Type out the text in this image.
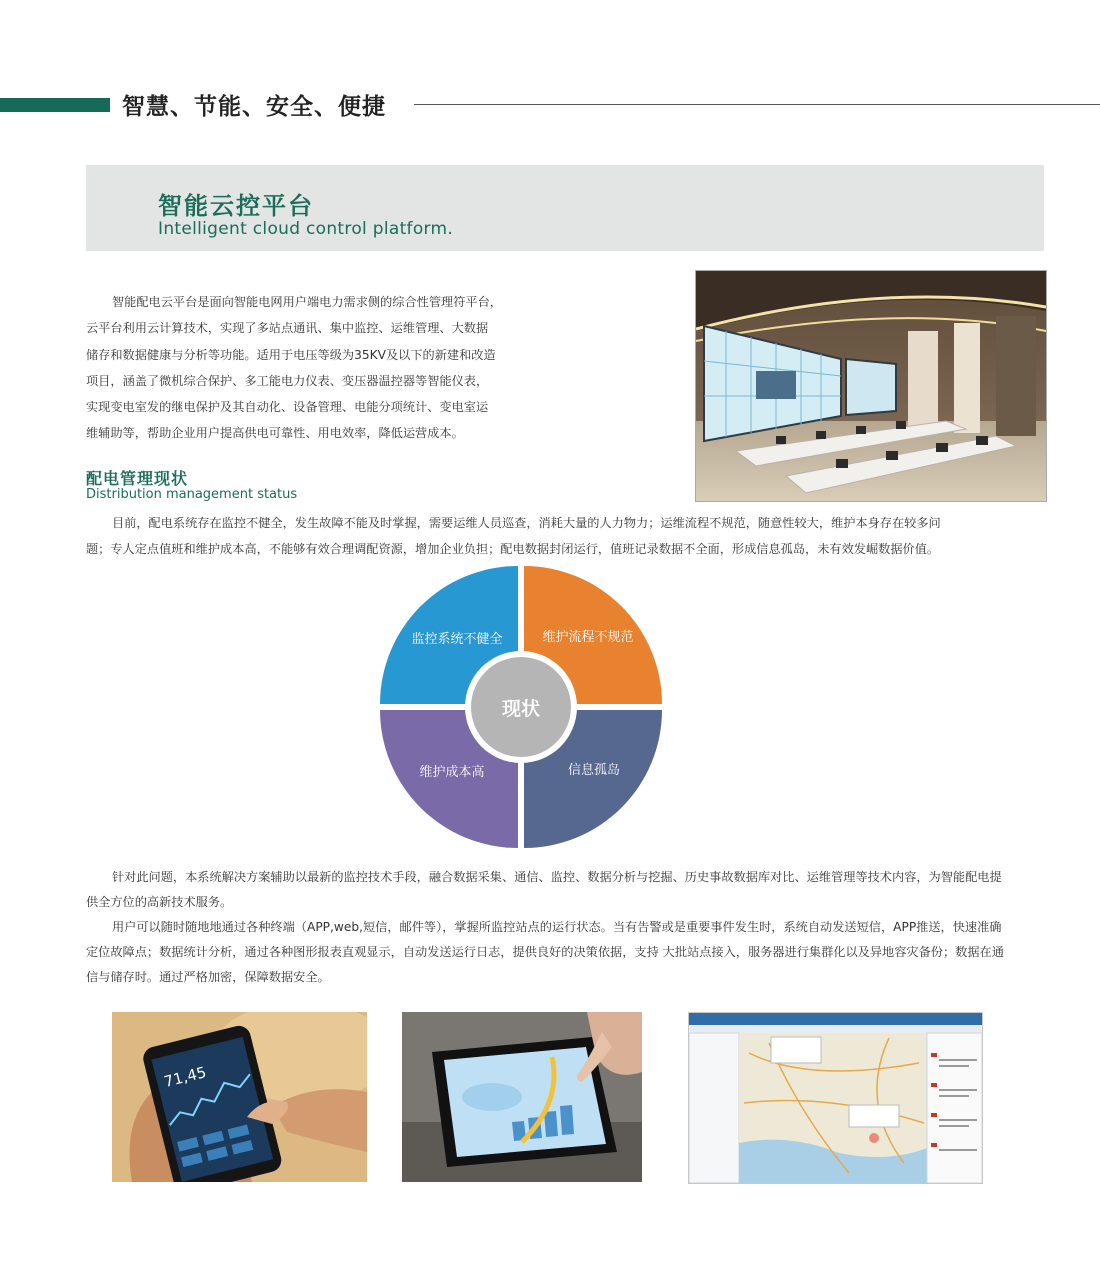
智慧、节能、安全、便捷
智能云控平台
Intelligent cloud control platform.
智能配电云平台是面向智能电网用户端电力需求侧的综合性管理符平台，
云平台利用云计算技术，实现了多站点通讯、集中监控、运维管理、大数据
储存和数据健康与分析等功能。适用于电压等级为35KV及以下的新建和改造
项目，涵盖了微机综合保护、多工能电力仪表、变压器温控器等智能仪表，
实现变电室发的继电保护及其自动化、设备管理、电能分项统计、变电室运
维辅助等，帮助企业用户提高供电可靠性、用电效率，降低运营成本。
配电管理现状
Distribution management status
目前，配电系统存在监控不健全，发生故障不能及时掌握，需要运维人员巡查，消耗大量的人力物力；运维流程不规范，随意性较大，维护本身存在较多问
题；专人定点值班和维护成本高，不能够有效合理调配资源，增加企业负担；配电数据封闭运行，值班记录数据不全面，形成信息孤岛，未有效发崛数据价值。
现状
监控系统不健全	维护流程不规范
维护成本高	信息孤岛
针对此问题，本系统解决方案辅助以最新的监控技术手段，融合数据采集、通信、监控、数据分析与挖掘、历史事故数据库对比、运维管理等技术内容，为智能配电提
供全方位的高新技术服务。
用户可以随时随地地通过各种终端（APP,web,短信，邮件等），掌握所监控站点的运行状态。当有告警或是重要事件发生时，系统自动发送短信，APP推送，快速准确
定位故障点；数据统计分析，通过各种图形报表直观显示，自动发送运行日志，提供良好的决策依据，支持 大批站点接入，服务器进行集群化以及异地容灾备份；数据在通
信与储存时。通过严格加密，保障数据安全。
71,45
